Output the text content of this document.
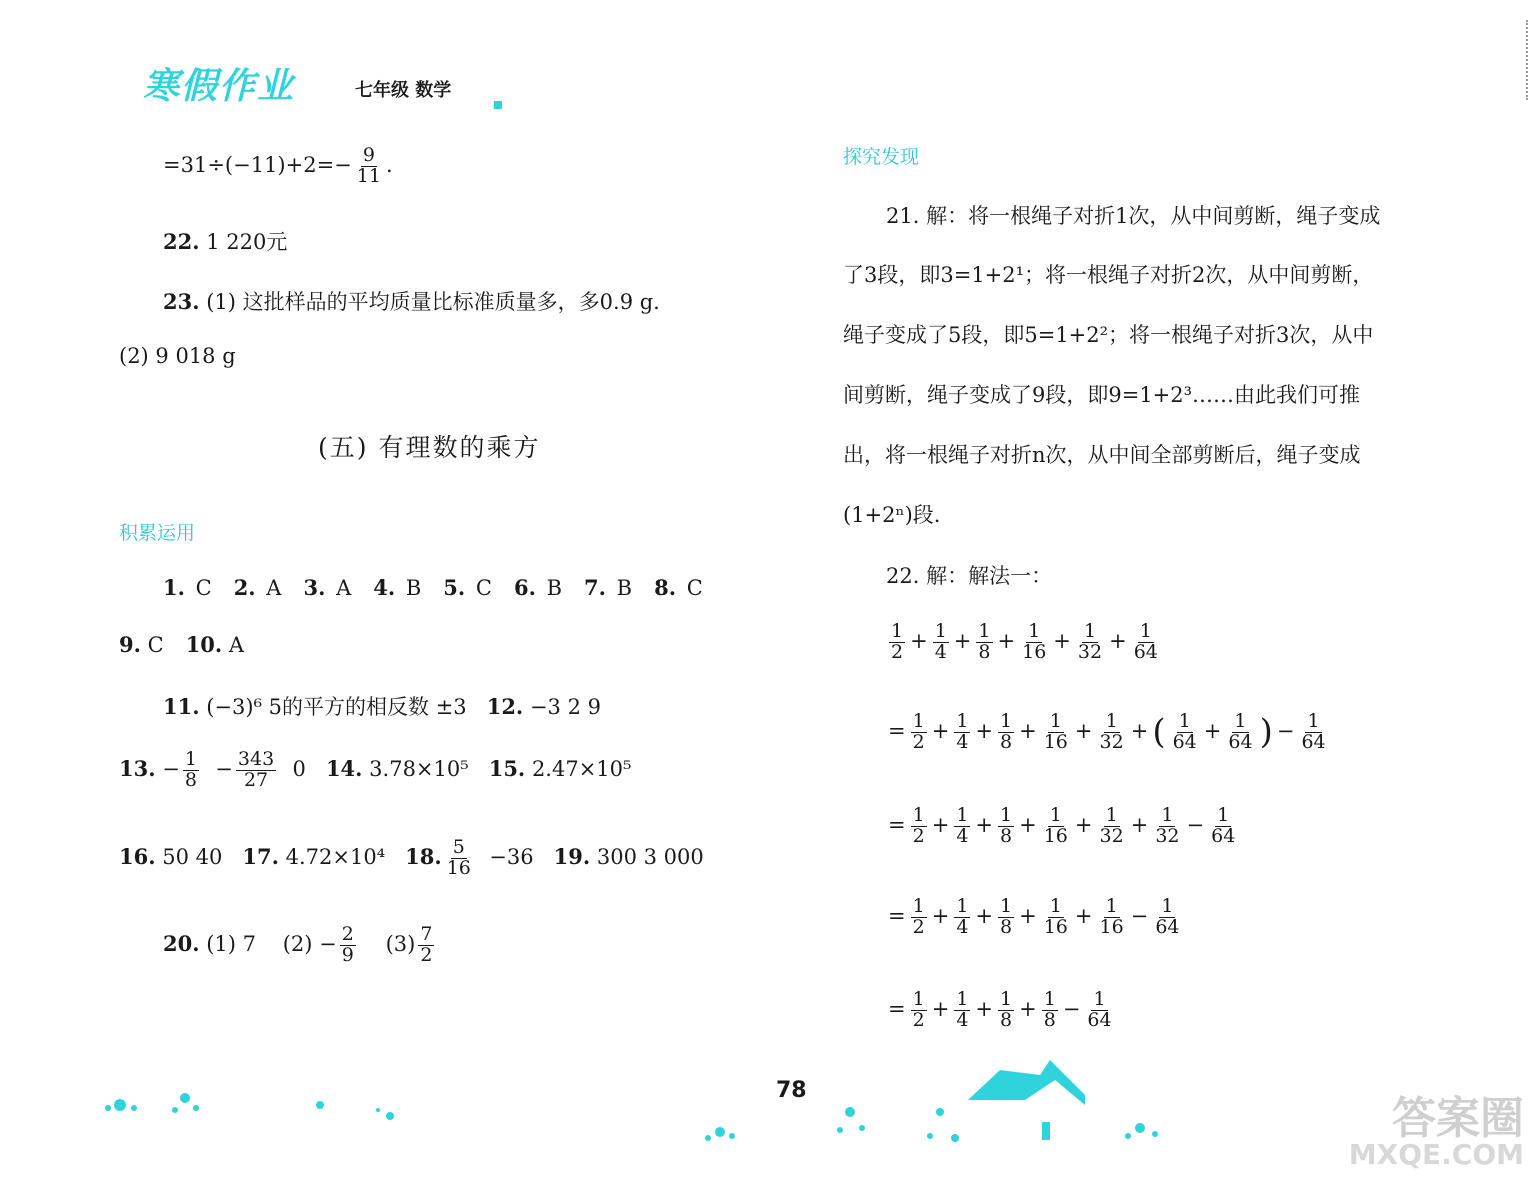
寒假作业	七年级 数学
$=31\div(-11)+2=- \frac{9}{11}$ .
22. 1 220元
23. (1) 这批样品的平均质量比标准质量多，多0.9 g.
(2) 9 018 g
(五) 有理数的乘方
积累运用
1. C 2. A 3. A 4. B 5. C 6. B 7. B 8. C
9. C 10. A
11. (−3)⁶ 5的平方的相反数 ±3 12. −3 2 9
13. − $\frac{1}{8} - \frac{343}{27} 0$ 14. 3.78×10⁵ 15. 2.47×10⁵
16. 50 40 17. 4.72×10⁴ 18. $\frac{5}{16} -36$ 19. 300 3 000
20. (1) 7 $(2) - \frac{2}{9} (3) \frac{7}{2}$
探究发现
21. 解：将一根绳子对折1次，从中间剪断，绳子变成
了3段，即3=1+2¹；将一根绳子对折2次，从中间剪断，
绳子变成了5段，即5=1+2²；将一根绳子对折3次，从中
间剪断，绳子变成了9段，即9=1+2³……由此我们可推
出，将一根绳子对折n次，从中间全部剪断后，绳子变成
(1+2ⁿ)段.
22. 解：解法一：
$\frac{1}{2} + \frac{1}{4} + \frac{1}{8} + \frac{1}{16} + \frac{1}{32} + \frac{1}{64}$
= $\frac{1}{2} + \frac{1}{4} + \frac{1}{8} + \frac{1}{16} + \frac{1}{32}$ + ( $\frac{1}{64} + \frac{1}{64}$ ) − $\frac{1}{64}$
= $\frac{1}{2} + \frac{1}{4} + \frac{1}{8} + \frac{1}{16} + \frac{1}{32} + \frac{1}{32} - \frac{1}{64}$
= $\frac{1}{2} + \frac{1}{4} + \frac{1}{8} + \frac{1}{16} + \frac{1}{16} - \frac{1}{64}$
= $\frac{1}{2} + \frac{1}{4} + \frac{1}{8} + \frac{1}{8} - \frac{1}{64}$
78
答案圈
MXQE.COM
